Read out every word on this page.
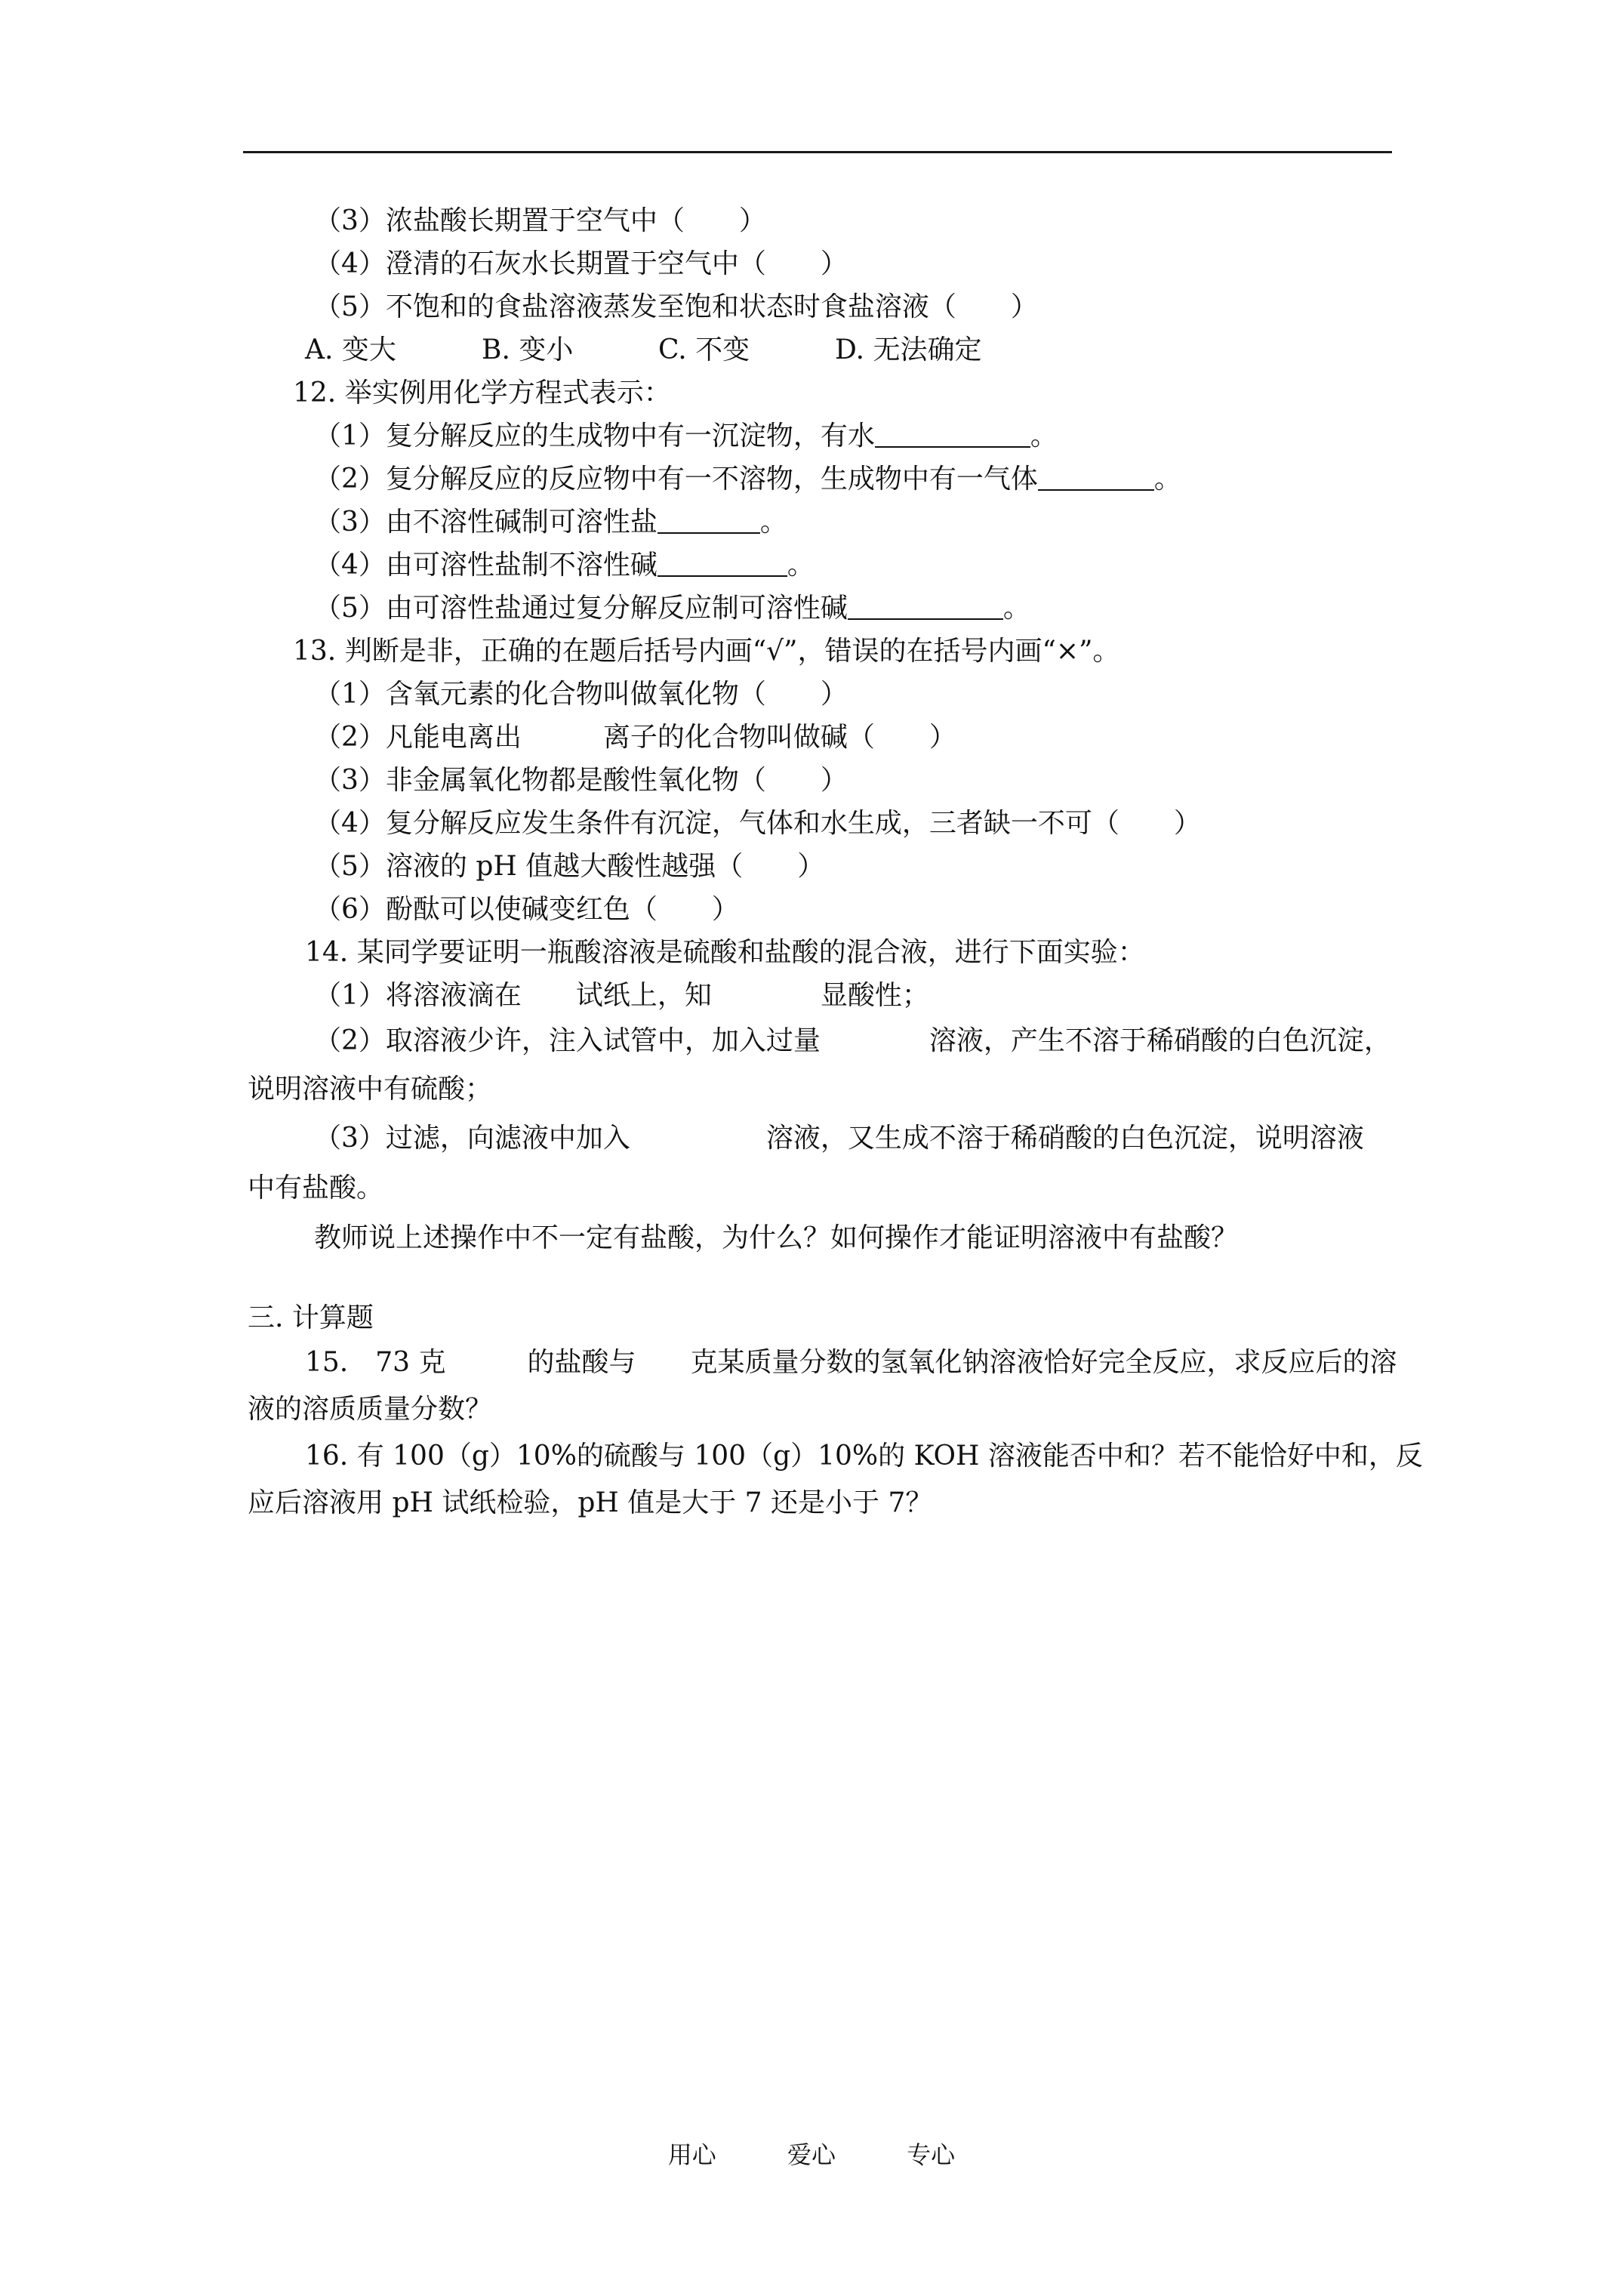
（3）浓盐酸长期置于空气中（　　）
（4）澄清的石灰水长期置于空气中（　　）
（5）不饱和的食盐溶液蒸发至饱和状态时食盐溶液（　　）
A. 变大	B. 变小	C. 不变	D. 无法确定
12. 举实例用化学方程式表示：
（1）复分解反应的生成物中有一沉淀物，有水	。
（2）复分解反应的反应物中有一不溶物，生成物中有一气体	。
（3）由不溶性碱制可溶性盐	。
（4）由可溶性盐制不溶性碱	。
（5）由可溶性盐通过复分解反应制可溶性碱	。
13. 判断是非，正确的在题后括号内画“√”，错误的在括号内画“×”。
（1）含氧元素的化合物叫做氧化物（　　）
（2）凡能电离出　　　离子的化合物叫做碱（　　）
（3）非金属氧化物都是酸性氧化物（　　）
（4）复分解反应发生条件有沉淀，气体和水生成，三者缺一不可（　　）
（5）溶液的 pH 值越大酸性越强（　　）
（6）酚酞可以使碱变红色（　　）
14. 某同学要证明一瓶酸溶液是硫酸和盐酸的混合液，进行下面实验：
（1）将溶液滴在　　试纸上，知　　　　显酸性；
（2）取溶液少许，注入试管中，加入过量　　　　溶液，产生不溶于稀硝酸的白色沉淀，
说明溶液中有硫酸；
（3）过滤，向滤液中加入　　　　　溶液，又生成不溶于稀硝酸的白色沉淀，说明溶液
中有盐酸。
教师说上述操作中不一定有盐酸，为什么？如何操作才能证明溶液中有盐酸？
三. 计算题
15.　73 克　　　的盐酸与　　克某质量分数的氢氧化钠溶液恰好完全反应，求反应后的溶
液的溶质质量分数？
16. 有 100（g）10%的硫酸与 100（g）10%的 KOH 溶液能否中和？若不能恰好中和，反
应后溶液用 pH 试纸检验，pH 值是大于 7 还是小于 7？
用心	爱心	专心
